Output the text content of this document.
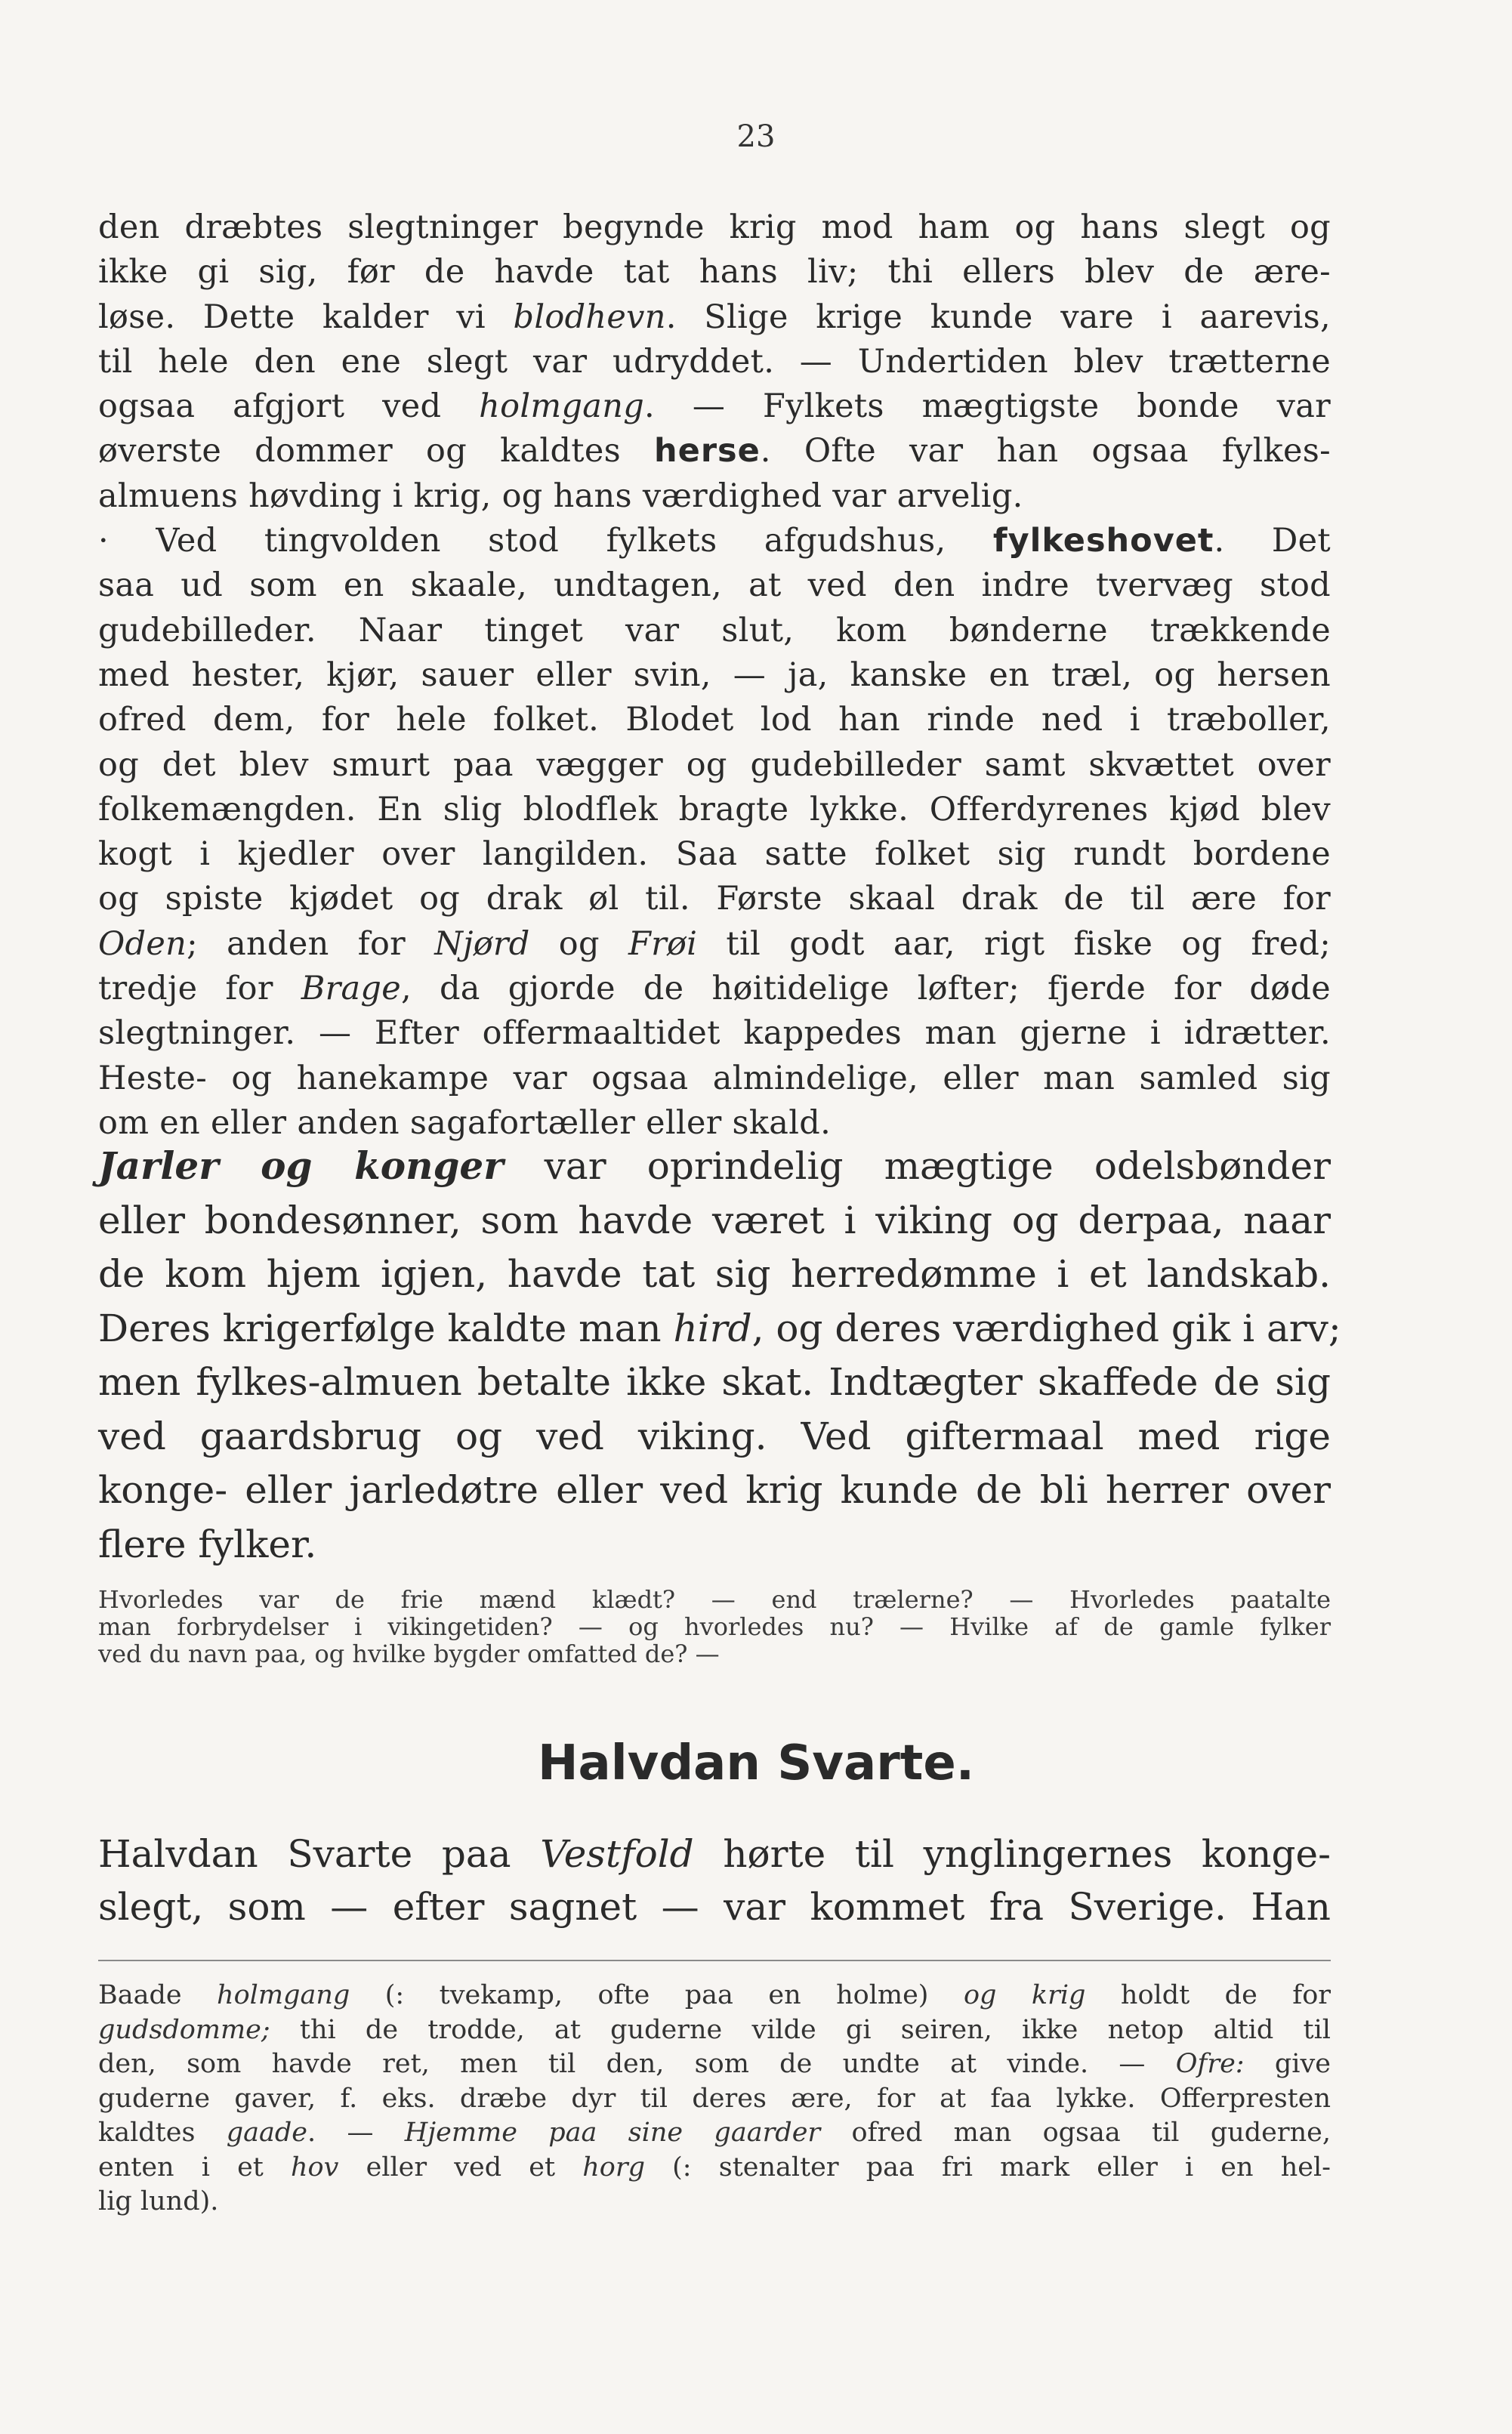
23
den dræbtes slegtninger begynde krig mod ham og hans slegt og
ikke gi sig, før de havde tat hans liv; thi ellers blev de ære-
løse. Dette kalder vi blodhevn. Slige krige kunde vare i aarevis,
til hele den ene slegt var udryddet. — Undertiden blev trætterne
ogsaa afgjort ved holmgang. — Fylkets mægtigste bonde var
øverste dommer og kaldtes herse. Ofte var han ogsaa fylkes-
almuens høvding i krig, og hans værdighed var arvelig.
· Ved tingvolden stod fylkets afgudshus, fylkeshovet. Det
saa ud som en skaale, undtagen, at ved den indre tvervæg stod
gudebilleder. Naar tinget var slut, kom bønderne trækkende
med hester, kjør, sauer eller svin, — ja, kanske en træl, og hersen
ofred dem, for hele folket. Blodet lod han rinde ned i træboller,
og det blev smurt paa vægger og gudebilleder samt skvættet over
folkemængden. En slig blodflek bragte lykke. Offerdyrenes kjød blev
kogt i kjedler over langilden. Saa satte folket sig rundt bordene
og spiste kjødet og drak øl til. Første skaal drak de til ære for
Oden; anden for Njørd og Frøi til godt aar, rigt fiske og fred;
tredje for Brage, da gjorde de høitidelige løfter; fjerde for døde
slegtninger. — Efter offermaaltidet kappedes man gjerne i idrætter.
Heste- og hanekampe var ogsaa almindelige, eller man samled sig
om en eller anden sagafortæller eller skald.
Jarler og konger var oprindelig mægtige odelsbønder
eller bondesønner, som havde været i viking og derpaa, naar
de kom hjem igjen, havde tat sig herredømme i et landskab.
Deres krigerfølge kaldte man hird, og deres værdighed gik i arv;
men fylkes-almuen betalte ikke skat. Indtægter skaffede de sig
ved gaardsbrug og ved viking. Ved giftermaal med rige
konge- eller jarledøtre eller ved krig kunde de bli herrer over
flere fylker.
Hvorledes var de frie mænd klædt? — end trælerne? — Hvorledes paatalte
man forbrydelser i vikingetiden? — og hvorledes nu? — Hvilke af de gamle fylker
ved du navn paa, og hvilke bygder omfatted de? —
Halvdan Svarte.
Halvdan Svarte paa Vestfold hørte til ynglingernes konge-
slegt, som — efter sagnet — var kommet fra Sverige. Han
Baade holmgang (: tvekamp, ofte paa en holme) og krig holdt de for
gudsdomme; thi de trodde, at guderne vilde gi seiren, ikke netop altid til
den, som havde ret, men til den, som de undte at vinde. — Ofre: give
guderne gaver, f. eks. dræbe dyr til deres ære, for at faa lykke. Offerpresten
kaldtes gaade. — Hjemme paa sine gaarder ofred man ogsaa til guderne,
enten i et hov eller ved et horg (: stenalter paa fri mark eller i en hel-
lig lund).
